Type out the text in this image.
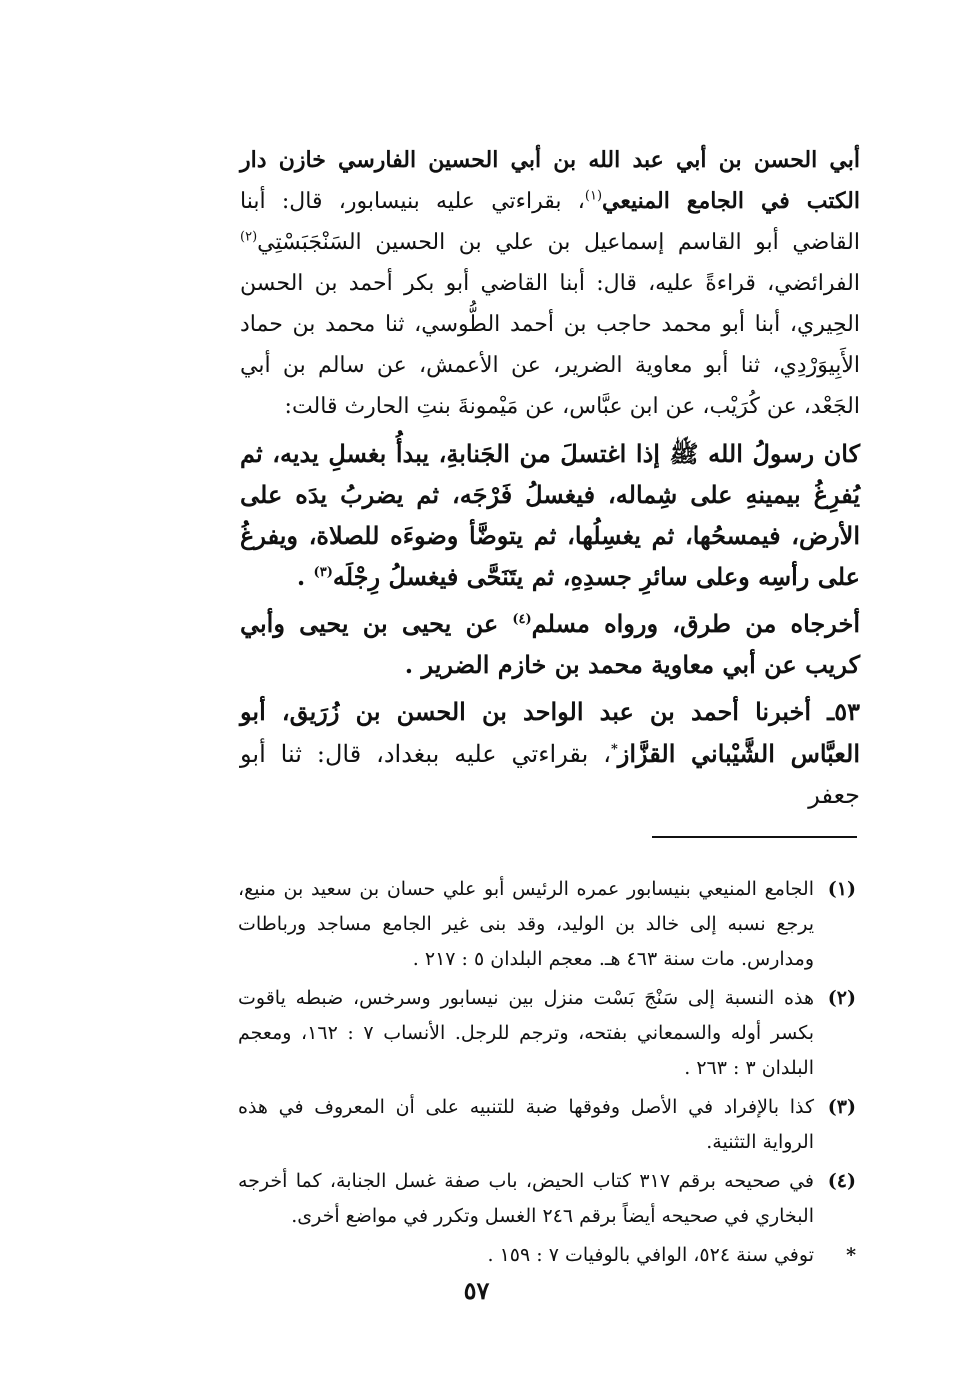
أبي الحسن بن أبي عبد الله بن أبي الحسين الفارسي خازن دار الكتب في الجامع المنيعي$^{(١)}$، بقراءتي عليه بنيسابور، قال: أبنا القاضي أبو القاسم إسماعيل بن علي بن الحسين السَنْجَبَسْتِي$^{(٢)}$ الفرائضي، قراءةً عليه، قال: أبنا القاضي أبو بكر أحمد بن الحسن الحِيري، أبنا أبو محمد حاجب بن أحمد الطُّوسي، ثنا محمد بن حماد الأَبِيوَرْدِي، ثنا أبو معاوية الضرير، عن الأعمش، عن سالم بن أبي الجَعْد، عن كُرَيْب، عن ابن عبَّاس، عن مَيْمونةَ بنتِ الحارث قالت:

كان رسولُ الله ﷺ إذا اغتسلَ من الجَنابةِ، يبدأُ بغسلِ يديه، ثم يُفرِغُ بيمينهِ على شِماله، فيغسلُ فَرْجَه، ثم يضربُ يدَه على الأرض، فيمسحُها، ثم يغسِلُها، ثم يتوضَّأ وضوءَه للصلاة، ويفرغُ على رأسِه وعلى سائرِ جسدِهِ، ثم يتَنَحَّى فيغسلُ رِجْلَه$^{(٣)}$ .

أخرجاه من طرق، ورواه مسلم$^{(٤)}$ عن يحيى بن يحيى وأبي كريب عن أبي معاوية محمد بن خازم الضرير .

٥٣ـ أخبرنا أحمد بن عبد الواحد بن الحسن بن زُرَيق، أبو العبَّاس الشَّيْباني القزَّاز*، بقراءتي عليه ببغداد، قال: ثنا أبو جعفر

(١)
الجامع المنيعي بنيسابور عمره الرئيس أبو علي حسان بن سعيد بن منيع، يرجع نسبه إلى خالد بن الوليد، وقد بنى غير الجامع مساجد ورباطات ومدارس. مات سنة ٤٦٣ هـ. معجم البلدان ٥ : ٢١٧ .
(٢)
هذه النسبة إلى سَنْجَ بَسْت منزل بين نيسابور وسرخس، ضبطه ياقوت بكسر أوله والسمعاني بفتحه، وترجم للرجل. الأنساب ٧ : ١٦٢، ومعجم البلدان ٣ : ٢٦٣ .
(٣)
كذا بالإفراد في الأصل وفوقها ضبة للتنبيه على أن المعروف في هذه الرواية التثنية.
(٤)
في صحيحه برقم ٣١٧ كتاب الحيض، باب صفة غسل الجنابة، كما أخرجه البخاري في صحيحه أيضاً برقم ٢٤٦ الغسل وتكرر في مواضع أخرى.
*
توفي سنة ٥٢٤، الوافي بالوفيات ٧ : ١٥٩ .
٥٧
